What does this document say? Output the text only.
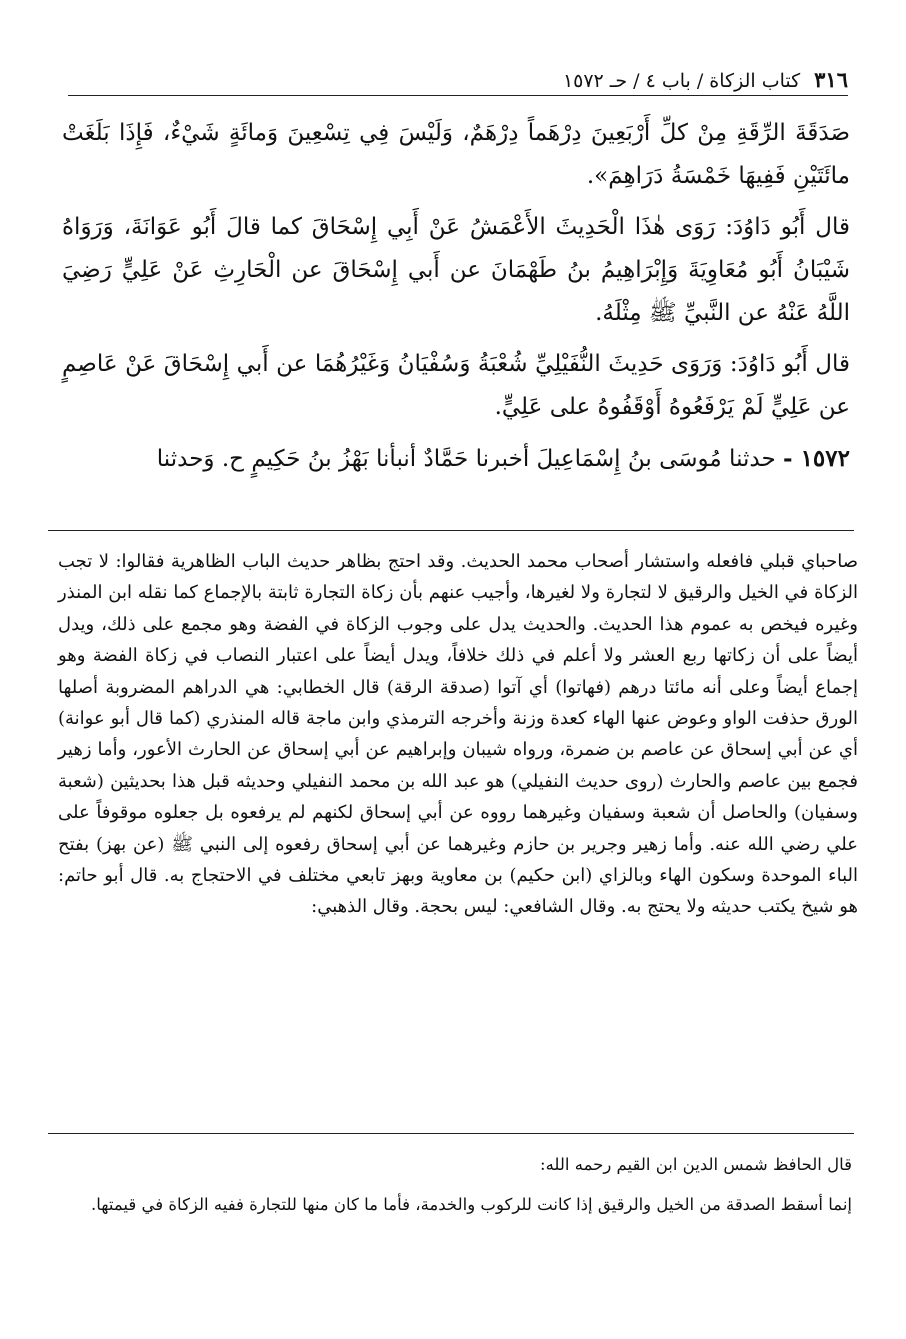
٣١٦
كتاب الزكاة / باب ٤ / حـ ١٥٧٢

صَدَقَةَ الرِّقَةِ مِنْ كلِّ أَرْبَعِينَ دِرْهَماً دِرْهَمٌ، وَلَيْسَ فِي تِسْعِينَ وَمائَةٍ شَيْءٌ، فَإِذَا بَلَغَتْ مائَتَيْنِ فَفِيهَا خَمْسَةُ دَرَاهِمَ».

قال أَبُو دَاوُدَ: رَوَى هٰذَا الْحَدِيثَ الأَعْمَشُ عَنْ أَبِي إِسْحَاقَ كما قالَ أَبُو عَوَانَةَ، وَرَوَاهُ شَيْبَانُ أَبُو مُعَاوِيَةَ وَإِبْرَاهِيمُ بنُ طَهْمَانَ عن أَبي إِسْحَاقَ عن الْحَارِثِ عَنْ عَلِيٍّ رَضِيَ اللَّهُ عَنْهُ عن النَّبيِّ ﷺ مِثْلَهُ.

قال أَبُو دَاوُدَ: وَرَوَى حَدِيثَ النُّفَيْلِيِّ شُعْبَةُ وَسُفْيَانُ وَغَيْرُهُمَا عن أَبي إِسْحَاقَ عَنْ عَاصِمٍ عن عَلِيٍّ لَمْ يَرْفَعُوهُ أَوْقَفُوهُ على عَلِيٍّ.

١٥٧٢ - حدثنا مُوسَى بنُ إِسْمَاعِيلَ أخبرنا حَمَّادٌ أنبأنا بَهْزُ بنُ حَكِيمٍ ح. وَحدثنا

صاحباي قبلي فافعله واستشار أصحاب محمد الحديث. وقد احتج بظاهر حديث الباب الظاهرية فقالوا: لا تجب الزكاة في الخيل والرقيق لا لتجارة ولا لغيرها، وأجيب عنهم بأن زكاة التجارة ثابتة بالإجماع كما نقله ابن المنذر وغيره فيخص به عموم هذا الحديث. والحديث يدل على وجوب الزكاة في الفضة وهو مجمع على ذلك، ويدل أيضاً على أن زكاتها ربع العشر ولا أعلم في ذلك خلافاً، ويدل أيضاً على اعتبار النصاب في زكاة الفضة وهو إجماع أيضاً وعلى أنه مائتا درهم (فهاتوا) أي آتوا (صدقة الرقة) قال الخطابي: هي الدراهم المضروبة أصلها الورق حذفت الواو وعوض عنها الهاء كعدة وزنة وأخرجه الترمذي وابن ماجة قاله المنذري (كما قال أبو عوانة) أي عن أبي إسحاق عن عاصم بن ضمرة، ورواه شيبان وإبراهيم عن أبي إسحاق عن الحارث الأعور، وأما زهير فجمع بين عاصم والحارث (روى حديث النفيلي) هو عبد الله بن محمد النفيلي وحديثه قبل هذا بحديثين (شعبة وسفيان) والحاصل أن شعبة وسفيان وغيرهما رووه عن أبي إسحاق لكنهم لم يرفعوه بل جعلوه موقوفاً على علي رضي الله عنه. وأما زهير وجرير بن حازم وغيرهما عن أبي إسحاق رفعوه إلى النبي ﷺ (عن بهز) بفتح الباء الموحدة وسكون الهاء وبالزاي (ابن حكيم) بن معاوية وبهز تابعي مختلف في الاحتجاج به. قال أبو حاتم: هو شيخ يكتب حديثه ولا يحتج به. وقال الشافعي: ليس بحجة. وقال الذهبي:

قال الحافظ شمس الدين ابن القيم رحمه الله:

إنما أسقط الصدقة من الخيل والرقيق إذا كانت للركوب والخدمة، فأما ما كان منها للتجارة ففيه الزكاة في قيمتها.
